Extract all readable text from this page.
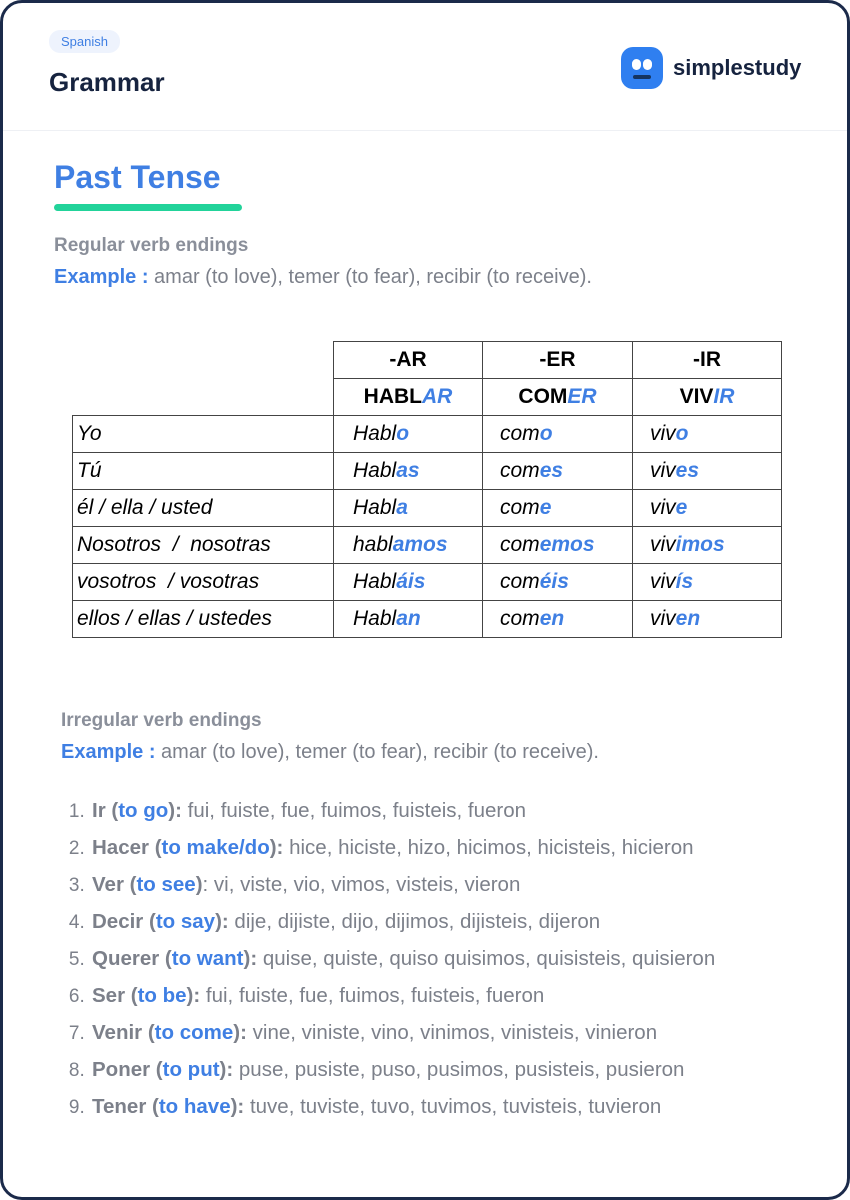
Spanish
Grammar	simplestudy
Past Tense
Regular verb endings
Example : amar (to love), temer (to fear), recibir (to receive).
	-AR	-ER	-IR
	HABLAR	COMER	VIVIR
Yo	Hablo	como	vivo
Tú	Hablas	comes	vives
él / ella / usted	Habla	come	vive
Nosotros  /  nosotras	hablamos	comemos	vivimos
vosotros  / vosotras	Habláis	coméis	vivís
ellos / ellas / ustedes	Hablan	comen	viven
Irregular verb endings
Example : amar (to love), temer (to fear), recibir (to receive).
1. Ir (to go): fui, fuiste, fue, fuimos, fuisteis, fueron
2. Hacer (to make/do): hice, hiciste, hizo, hicimos, hicisteis, hicieron
3. Ver (to see): vi, viste, vio, vimos, visteis, vieron
4. Decir (to say): dije, dijiste, dijo, dijimos, dijisteis, dijeron
5. Querer (to want): quise, quiste, quiso quisimos, quisisteis, quisieron
6. Ser (to be): fui, fuiste, fue, fuimos, fuisteis, fueron
7. Venir (to come): vine, viniste, vino, vinimos, vinisteis, vinieron
8. Poner (to put): puse, pusiste, puso, pusimos, pusisteis, pusieron
9. Tener (to have): tuve, tuviste, tuvo, tuvimos, tuvisteis, tuvieron
